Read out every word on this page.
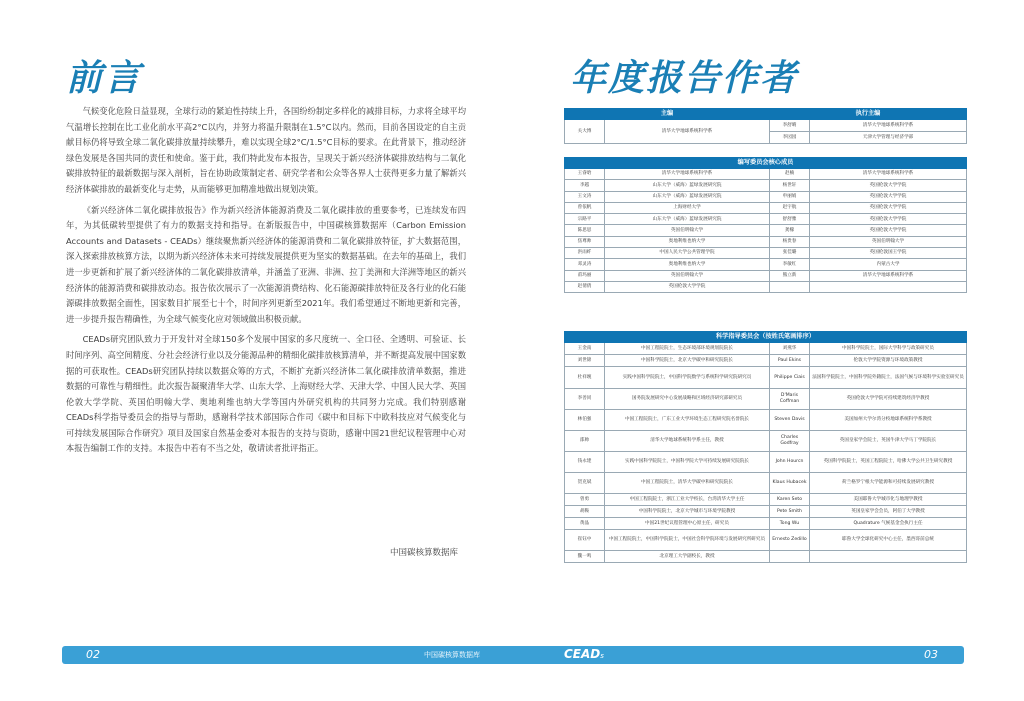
前言

气候变化危险日益显现，全球行动的紧迫性持续上升，各国纷纷制定多样化的减排目标，力求将全球平均气温增长控制在比工业化前水平高2°C以内，并努力将温升限制在1.5°C以内。然而，目前各国设定的自主贡献目标仍将导致全球二氧化碳排放量持续攀升，难以实现全球2°C/1.5°C目标的要求。在此背景下，推动经济绿色发展是各国共同的责任和使命。鉴于此，我们特此发布本报告，呈现关于新兴经济体碳排放结构与二氧化碳排放特征的最新数据与深入剖析，旨在协助政策制定者、研究学者和公众等各界人士获得更多力量了解新兴经济体碳排放的最新变化与走势，从而能够更加精准地做出规划决策。

《新兴经济体二氧化碳排放报告》作为新兴经济体能源消费及二氧化碳排放的重要参考，已连续发布四年，为其低碳转型提供了有力的数据支持和指导。在新版报告中，中国碳核算数据库（Carbon Emission Accounts and Datasets - CEADs）继续聚焦新兴经济体的能源消费和二氧化碳排放特征，扩大数据范围，深入探索排放核算方法，以期为新兴经济体未来可持续发展提供更为坚实的数据基础。在去年的基础上，我们进一步更新和扩展了新兴经济体的二氧化碳排放清单，并涵盖了亚洲、非洲、拉丁美洲和大洋洲等地区的新兴经济体的能源消费和碳排放动态。报告依次展示了一次能源消费结构、化石能源碳排放特征及各行业的化石能源碳排放数据全面性，国家数目扩展至七十个，时间序列更新至2021年。我们希望通过不断地更新和完善，进一步提升报告精确性，为全球气候变化应对领域做出积极贡献。

CEADs研究团队致力于开发针对全球150多个发展中国家的多尺度统一、全口径、全透明、可验证、长时间序列、高空间精度、分社会经济行业以及分能源品种的精细化碳排放核算清单，并不断提高发展中国家数据的可获取性。CEADs研究团队持续以数据众筹的方式，不断扩充新兴经济体二氧化碳排放清单数据，推进数据的可靠性与精细性。此次报告凝聚清华大学、山东大学、上海财经大学、天津大学、中国人民大学、英国伦敦大学学院、英国伯明翰大学、奥地利维也纳大学等国内外研究机构的共同努力完成。我们特别感谢CEADs科学指导委员会的指导与帮助，感谢科学技术部国际合作司《碳中和目标下中欧科技应对气候变化与可持续发展国际合作研究》项目及国家自然基金委对本报告的支持与资助，感谢中国21世纪议程管理中心对本报告编制工作的支持。本报告中若有不当之处，敬请读者批评指正。

中国碳核算数据库
年度报告作者
主编		执行主编	
关大博	清华大学地球系统科学系	李舒晴	清华大学地球系统科学系
		李园园	天津大学管理与经济学部
编写委员会核心成员			
王睿晗	清华大学地球系统科学系	赵楠	清华大学地球系统科学系
李越	山东大学（威海）蓝绿发展研究院	杨世轩	英国伦敦大学学院
王文涛	山东大学（威海）蓝绿发展研究院	申丽娟	英国伦敦大学学院
曾依帆	上海财经大学	赵宇航	英国伦敦大学学院
宗路平	山东大学（威海）蓝绿发展研究院	舒舒雅	英国伦敦大学学院
陈思思	英国伯明翰大学	龚檬	英国伦敦大学学院
焦尊帅	奥地利维也纳大学	杨贵春	英国伯明翰大学
洪雨纤	中国人民大学公共管理学院	张佳璐	英国伦敦国王学院
邓灵涛	奥地利维也纳大学	李敏红	内蒙古大学
甫玛丽	英国伯明翰大学	熊立新	清华大学地球系统科学系
赵倩倩	英国伦敦大学学院		
科学指导委员会（按姓氏笔画排序）			
王金南	中国工程院院士，生态环境部环境规划院院长	刘燕华	中国科学院院士，国际大学科学与政策研究员
刘世锦	中国科学院院士，北京大学碳中和研究院院长	Paul Ekins	伦敦大学学院资源与环境政策教授
杜祥琬	实践中国科学院院士，中国科学院数学与系统科学研究院研究员	Philippe Ciais	法国科学院院士，中国科学院外籍院士，法国气候与环境科学实验室研究员
李善同	国务院发展研究中心发展战略和区域经济研究部研究员	D'Maris Coffman	英国伦敦大学学院可持续建筑经济学教授
林伯强	中国工程院院士，广东工业大学环境生态工程研究院名誉院长	Steven Davis	美国加州大学尔湾分校地球系统科学系教授
邵帅	清华大学地球系统科学系主任，教授	Charles Godfray	英国皇家学会院士，英国牛津大学马丁学院院长
钱永建	实践中国科学院院士，中国科学院大学可持续发展研究院院长	John Hourcn	英国科学院院士，英国工程院院士，哈佛大学公共卫生研究教授
贺克斌	中国工程院院士，清华大学碳中和研究院院长	Klaus Hubacek	荷兰格罗宁根大学能源和可持续发展研究教授
曾勇	中国工程院院士，浙江工业大学校长，台湾清华大学主任	Karen Seto	美国耶鲁大学城市化与地理学教授
胡鞍	中国科学院院士，北京大学城市与环境学院教授	Pete Smith	英国皇家学会会员，阿伯丁大学教授
黄晶	中国21世纪议程管理中心原主任，研究员	Tong Wu	Quadrature 气候基金会执行主任
崔钰中	中国工程院院士，中国科学院院士，中国社会科学院环境与发展研究所研究员	Ernesto Zedillo	耶鲁大学全球化研究中心主任，墨西哥前总统
魏一鸣	北京理工大学副校长，教授		
02	中国碳核算数据库	CEADs	03
